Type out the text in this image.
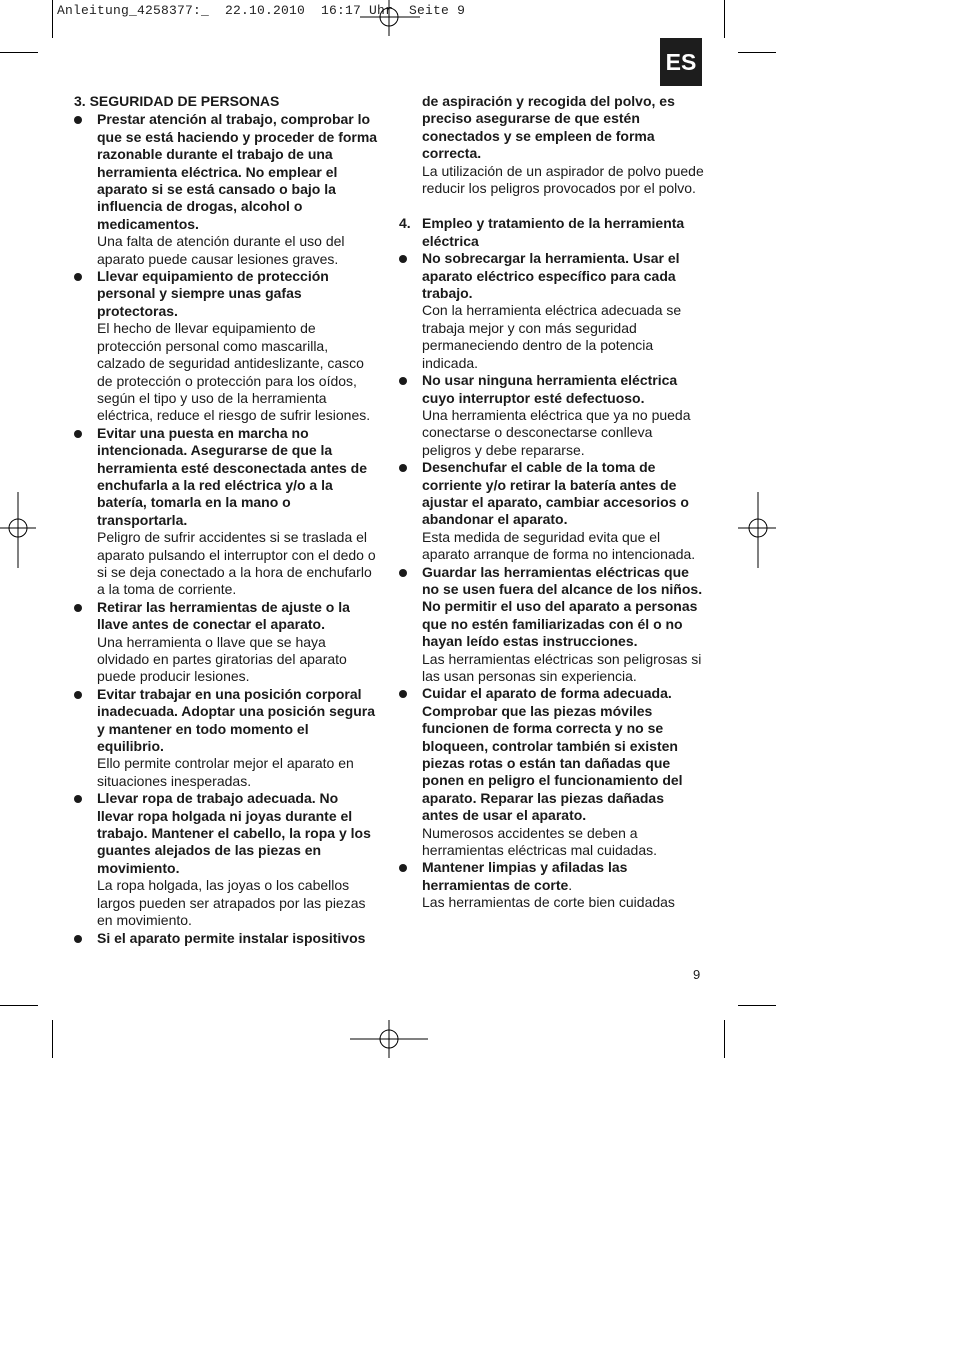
Anleitung_4258377:_  22.10.2010  16:17 Uhr  Seite 9
ES
3. SEGURIDAD DE PERSONAS
Prestar atención al trabajo, comprobar lo que se está haciendo y proceder de forma razonable durante el trabajo de una herramienta eléctrica. No emplear el aparato si se está cansado o bajo la influencia de drogas, alcohol o medicamentos.
Una falta de atención durante el uso del aparato puede causar lesiones graves.
Llevar equipamiento de protección personal y siempre unas gafas protectoras.
El hecho de llevar equipamiento de protección personal como mascarilla, calzado de seguridad antideslizante, casco de protección o protección para los oídos, según el tipo y uso de la herramienta eléctrica, reduce el riesgo de sufrir lesiones.
Evitar una puesta en marcha no intencionada. Asegurarse de que la herramienta esté desconectada antes de enchufarla a la red eléctrica y/o a la batería, tomarla en la mano o transportarla.
Peligro de sufrir accidentes si se traslada el aparato pulsando el interruptor con el dedo o si se deja conectado a la hora de enchufarlo a la toma de corriente.
Retirar las herramientas de ajuste o la llave antes de conectar el aparato.
Una herramienta o llave que se haya olvidado en partes giratorias del aparato puede producir lesiones.
Evitar trabajar en una posición corporal inadecuada. Adoptar una posición segura y mantener en todo momento el equilibrio.
Ello permite controlar mejor el aparato en situaciones inesperadas.
Llevar ropa de trabajo adecuada. No llevar ropa holgada ni joyas durante el trabajo. Mantener el cabello, la ropa y los guantes alejados de las piezas en movimiento.
La ropa holgada, las joyas o los cabellos largos pueden ser atrapados por las piezas en movimiento.
Si el aparato permite instalar ispositivos
de aspiración y recogida del polvo, es preciso asegurarse de que estén conectados y se empleen de forma correcta.
La utilización de un aspirador de polvo puede reducir los peligros provocados por el polvo.
4. Empleo y tratamiento de la herramienta eléctrica
No sobrecargar la herramienta. Usar el aparato eléctrico específico para cada trabajo.
Con la herramienta eléctrica adecuada se trabaja mejor y con más seguridad permaneciendo dentro de la potencia indicada.
No usar ninguna herramienta eléctrica cuyo interruptor esté defectuoso.
Una herramienta eléctrica que ya no pueda conectarse o desconectarse conlleva peligros y debe repararse.
Desenchufar el cable de la toma de corriente y/o retirar la batería antes de ajustar el aparato, cambiar accesorios o abandonar el aparato.
Esta medida de seguridad evita que el aparato arranque de forma no intencionada.
Guardar las herramientas eléctricas que no se usen fuera del alcance de los niños. No permitir el uso del aparato a personas que no estén familiarizadas con él o no hayan leído estas instrucciones.
Las herramientas eléctricas son peligrosas si las usan personas sin experiencia.
Cuidar el aparato de forma adecuada. Comprobar que las piezas móviles funcionen de forma correcta y no se bloqueen, controlar también si existen piezas rotas o están tan dañadas que ponen en peligro el funcionamiento del aparato. Reparar las piezas dañadas antes de usar el aparato.
Numerosos accidentes se deben a herramientas eléctricas mal cuidadas.
Mantener limpias y afiladas las herramientas de corte.
Las herramientas de corte bien cuidadas
9
